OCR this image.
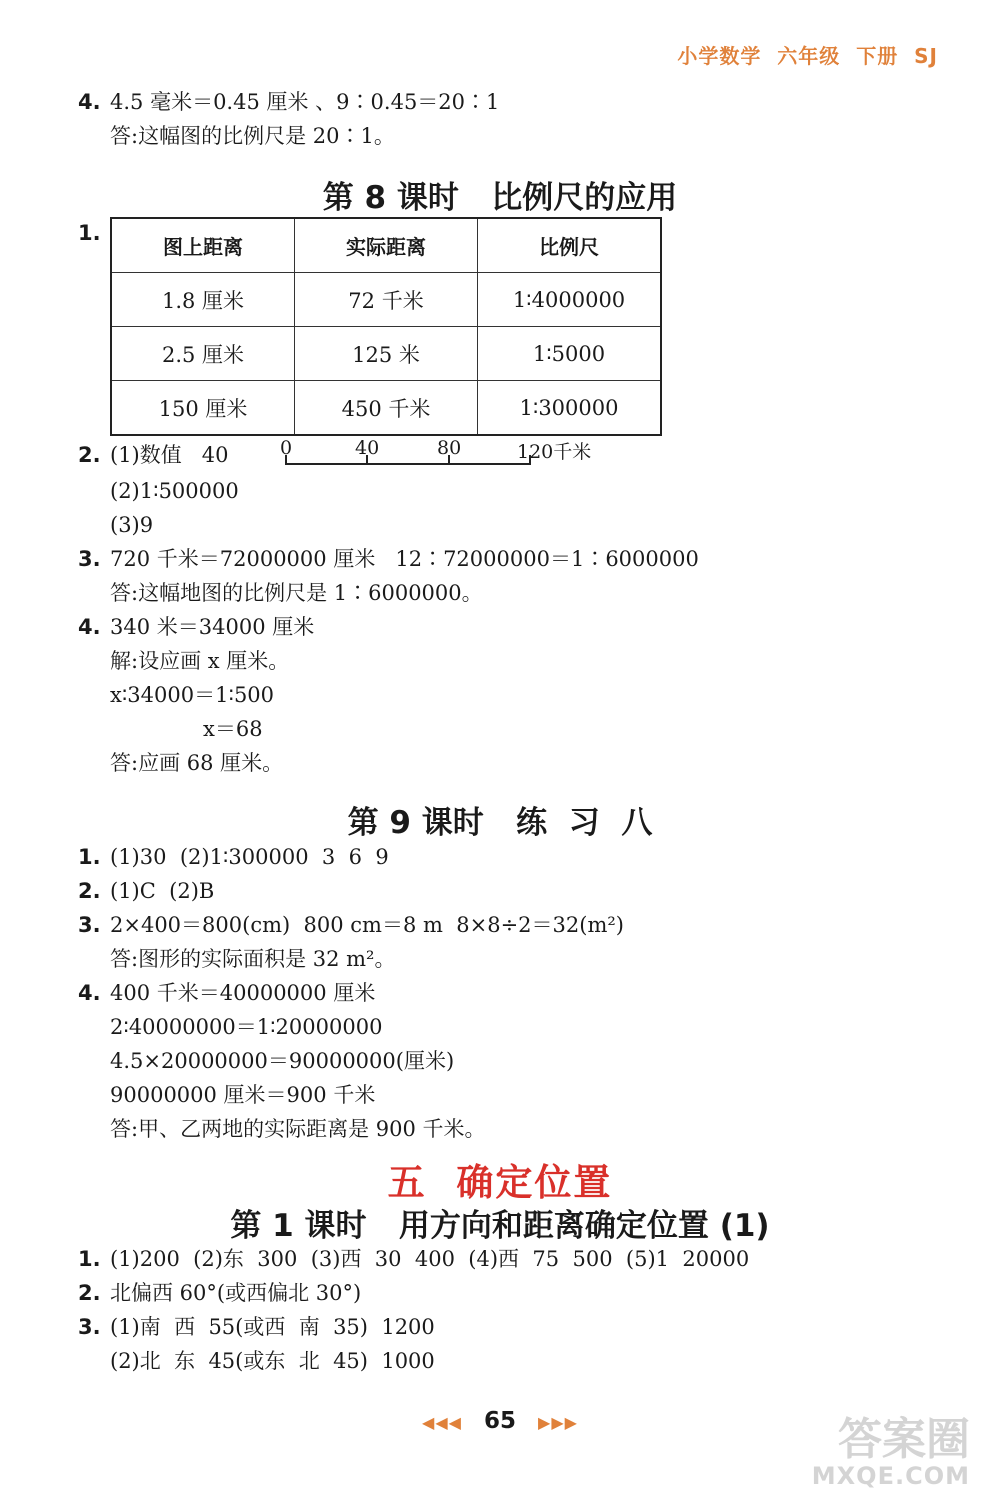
小学数学  六年级  下册  SJ
4. 4.5 毫米＝0.45 厘米 、9∶0.45＝20∶1
答:这幅图的比例尺是 20∶1。
第 8 课时   比例尺的应用
1.
图上距离	实际距离	比例尺
1.8 厘米	72 千米	1∶4000000
2.5 厘米	125 米	1∶5000
150 厘米	450 千米	1∶300000
2. (1)数值   40	0	40	80	120千米
(2)1∶500000
(3)9
3. 720 千米＝72000000 厘米   12∶72000000＝1∶6000000
答:这幅地图的比例尺是 1∶6000000。
4. 340 米＝34000 厘米
解:设应画 x 厘米。
x∶34000＝1∶500
x＝68
答:应画 68 厘米。
第 9 课时   练  习  八
1. (1)30  (2)1∶300000  3  6  9
2. (1)C  (2)B
3. 2×400＝800(cm)  800 cm＝8 m  8×8÷2＝32(m²)
答:图形的实际面积是 32 m²。
4. 400 千米＝40000000 厘米
2∶40000000＝1∶20000000
4.5×20000000＝90000000(厘米)
90000000 厘米＝900 千米
答:甲、乙两地的实际距离是 900 千米。
五  确定位置
第 1 课时   用方向和距离确定位置 (1)
1. (1)200  (2)东  300  (3)西  30  400  (4)西  75  500  (5)1  20000
2. 北偏西 60°(或西偏北 30°)
3. (1)南  西  55(或西  南  35)  1200
(2)北  东  45(或东  北  45)  1000
◀◀◀ 65 ▶▶▶	答案圈
MXQE.COM
